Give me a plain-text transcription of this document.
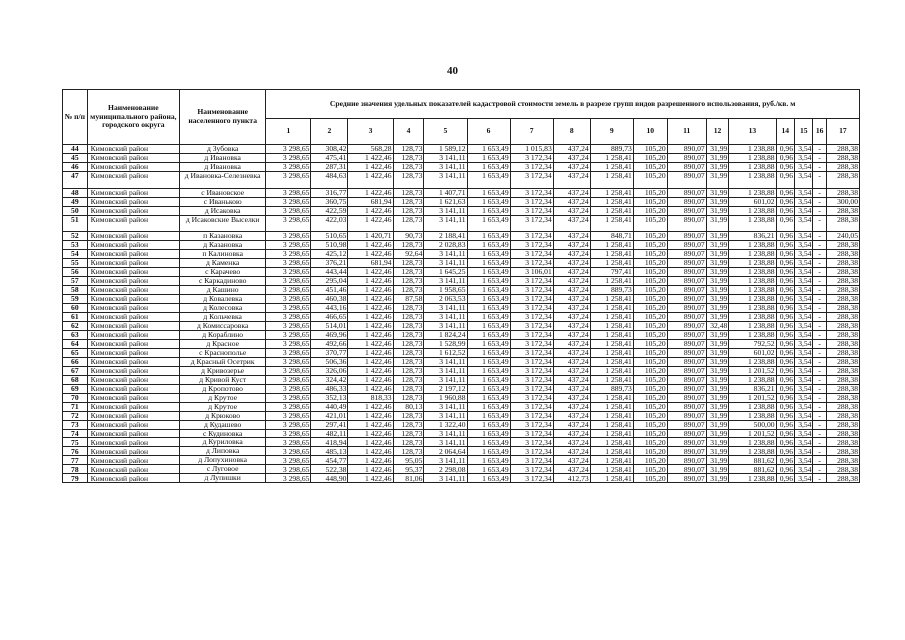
40
№ п/п	Наименование муниципального района, городского округа	Наименование населенного пункта	Средние значения удельных показателей кадастровой стоимости земель в разрезе групп видов разрешенного использования, руб./кв. м																
			1	2	3	4	5	6	7	8	9	10	11	12	13	14	15	16	17
44	Кимовский район	д Зубовка	3 298,65	308,42	568,28	128,73	1 589,12	1 653,49	1 015,83	437,24	889,73	105,20	890,07	31,99	1 238,88	0,96	3,54	-	288,38
45	Кимовский район	д Ивановка	3 298,65	475,41	1 422,46	128,73	3 141,11	1 653,49	3 172,34	437,24	1 258,41	105,20	890,07	31,99	1 238,88	0,96	3,54	-	288,38
46	Кимовский район	д Ивановка	3 298,65	287,31	1 422,46	128,73	3 141,11	1 653,49	3 172,34	437,24	1 258,41	105,20	890,07	31,99	1 238,88	0,96	3,54	-	288,38
47	Кимовский район	д Ивановка-Селезневка	3 298,65	484,63	1 422,46	128,73	3 141,11	1 653,49	3 172,34	437,24	1 258,41	105,20	890,07	31,99	1 238,88	0,96	3,54	-	288,38
48	Кимовский район	с Ивановское	3 298,65	316,77	1 422,46	128,73	1 407,71	1 653,49	3 172,34	437,24	1 258,41	105,20	890,07	31,99	1 238,88	0,96	3,54	-	288,38
49	Кимовский район	с Иванькою	3 298,65	360,75	681,94	128,73	1 621,63	1 653,49	3 172,34	437,24	1 258,41	105,20	890,07	31,99	601,02	0,96	3,54	-	300,00
50	Кимовский район	д Исаковка	3 298,65	422,59	1 422,46	128,73	3 141,11	1 653,49	3 172,34	437,24	1 258,41	105,20	890,07	31,99	1 238,88	0,96	3,54	-	288,38
51	Кимовский район	д Исаковские Выселки	3 298,65	422,03	1 422,46	128,73	3 141,11	1 653,49	3 172,34	437,24	1 258,41	105,20	890,07	31,99	1 238,88	0,96	3,54	-	288,38
52	Кимовский район	п Казановка	3 298,65	510,65	1 420,71	90,73	2 188,41	1 653,49	3 172,34	437,24	848,71	105,20	890,07	31,99	836,21	0,96	3,54	-	240,05
53	Кимовский район	д Казановка	3 298,65	510,98	1 422,46	128,73	2 028,83	1 653,49	3 172,34	437,24	1 258,41	105,20	890,07	31,99	1 238,88	0,96	3,54	-	288,38
54	Кимовский район	п Калиновка	3 298,65	425,12	1 422,46	92,64	3 141,11	1 653,49	3 172,34	437,24	1 258,41	105,20	890,07	31,99	1 238,88	0,96	3,54	-	288,38
55	Кимовский район	д Каменка	3 298,65	376,21	681,94	128,73	3 141,11	1 653,49	3 172,34	437,24	1 258,41	105,20	890,07	31,99	1 238,88	0,96	3,54	-	288,38
56	Кимовский район	с Карачево	3 298,65	443,44	1 422,46	128,73	1 645,25	1 653,49	3 106,01	437,24	797,41	105,20	890,07	31,99	1 238,88	0,96	3,54	-	288,38
57	Кимовский район	с Каркадиново	3 298,65	295,04	1 422,46	128,73	3 141,11	1 653,49	3 172,34	437,24	1 258,41	105,20	890,07	31,99	1 238,88	0,96	3,54	-	288,38
58	Кимовский район	д Кашино	3 298,65	451,46	1 422,46	128,73	1 958,65	1 653,49	3 172,34	437,24	889,73	105,20	890,07	31,99	1 238,88	0,96	3,54	-	288,38
59	Кимовский район	д Ковалевка	3 298,65	460,38	1 422,46	87,58	2 063,53	1 653,49	3 172,34	437,24	1 258,41	105,20	890,07	31,99	1 238,88	0,96	3,54	-	288,38
60	Кимовский район	д Колесовка	3 298,65	443,16	1 422,46	128,73	3 141,11	1 653,49	3 172,34	437,24	1 258,41	105,20	890,07	31,99	1 238,88	0,96	3,54	-	288,38
61	Кимовский район	д Кольчевка	3 298,65	466,65	1 422,46	128,73	3 141,11	1 653,49	3 172,34	437,24	1 258,41	105,20	890,07	31,99	1 238,88	0,96	3,54	-	288,38
62	Кимовский район	д Комиссаровка	3 298,65	514,01	1 422,46	128,73	3 141,11	1 653,49	3 172,34	437,24	1 258,41	105,20	890,07	32,48	1 238,88	0,96	3,54	-	288,38
63	Кимовский район	д Кораблино	3 298,65	469,96	1 422,46	128,73	1 824,24	1 653,49	3 172,34	437,24	1 258,41	105,20	890,07	31,99	1 238,88	0,96	3,54	-	288,38
64	Кимовский район	д Красное	3 298,65	492,66	1 422,46	128,73	1 528,99	1 653,49	3 172,34	437,24	1 258,41	105,20	890,07	31,99	792,52	0,96	3,54	-	288,38
65	Кимовский район	с Краснополье	3 298,65	370,77	1 422,46	128,73	1 612,52	1 653,49	3 172,34	437,24	1 258,41	105,20	890,07	31,99	601,02	0,96	3,54	-	288,38
66	Кимовский район	д Красный Осетрик	3 298,65	506,36	1 422,46	128,73	3 141,11	1 653,49	3 172,34	437,24	1 258,41	105,20	890,07	31,99	1 238,88	0,96	3,54	-	288,38
67	Кимовский район	д Кривозерье	3 298,65	326,06	1 422,46	128,73	3 141,11	1 653,49	3 172,34	437,24	1 258,41	105,20	890,07	31,99	1 201,52	0,96	3,54	-	288,38
68	Кимовский район	д Кривой Куст	3 298,65	324,42	1 422,46	128,73	3 141,11	1 653,49	3 172,34	437,24	1 258,41	105,20	890,07	31,99	1 238,88	0,96	3,54	-	288,38
69	Кимовский район	д Кропотово	3 298,65	486,33	1 422,46	128,73	2 197,12	1 653,49	3 172,34	437,24	889,73	105,20	890,07	31,99	836,21	0,96	3,54	-	288,38
70	Кимовский район	д Крутое	3 298,65	352,13	818,33	128,73	1 960,88	1 653,49	3 172,34	437,24	1 258,41	105,20	890,07	31,99	1 201,52	0,96	3,54	-	288,38
71	Кимовский район	д Крутое	3 298,65	440,49	1 422,46	80,13	3 141,11	1 653,49	3 172,34	437,24	1 258,41	105,20	890,07	31,99	1 238,88	0,96	3,54	-	288,38
72	Кимовский район	д Крюково	3 298,65	421,01	1 422,46	128,73	3 141,11	1 653,49	3 172,34	437,24	1 258,41	105,20	890,07	31,99	1 238,88	0,96	3,54	-	288,38
73	Кимовский район	д Кудашево	3 298,65	297,41	1 422,46	128,73	1 322,40	1 653,49	3 172,34	437,24	1 258,41	105,20	890,07	31,99	500,00	0,96	3,54	-	288,38
74	Кимовский район	с Кудиновка	3 298,65	482,11	1 422,46	128,73	3 141,11	1 653,49	3 172,34	437,24	1 258,41	105,20	890,07	31,99	1 201,52	0,96	3,54	-	288,38
75	Кимовский район	д Куриловка	3 298,65	418,94	1 422,46	128,73	3 141,11	1 653,49	3 172,34	437,24	1 258,41	105,20	890,07	31,99	1 238,88	0,96	3,54	-	288,38
76	Кимовский район	д Липовка	3 298,65	485,13	1 422,46	128,73	2 064,64	1 653,49	3 172,34	437,24	1 258,41	105,20	890,07	31,99	1 238,88	0,96	3,54	-	288,38
77	Кимовский район	д Лопухиновка	3 298,65	454,77	1 422,46	95,05	3 141,11	1 653,49	3 172,34	437,24	1 258,41	105,20	890,07	31,99	881,62	0,96	3,54	-	288,38
78	Кимовский район	с Луговое	3 298,65	522,38	1 422,46	95,37	2 298,08	1 653,49	3 172,34	437,24	1 258,41	105,20	890,07	31,99	881,62	0,96	3,54	-	288,38
79	Кимовский район	д Лупишки	3 298,65	448,90	1 422,46	81,06	3 141,11	1 653,49	3 172,34	412,73	1 258,41	105,20	890,07	31,99	1 238,88	0,96	3,54	-	288,38
